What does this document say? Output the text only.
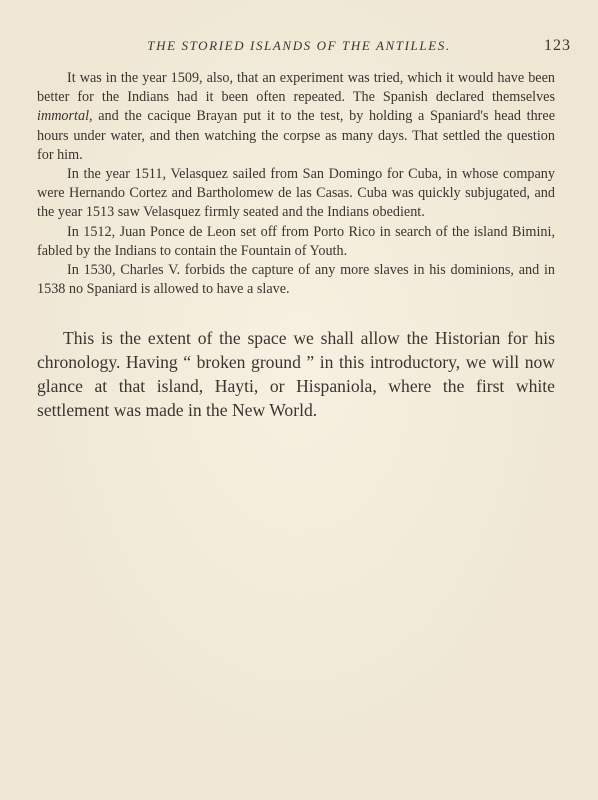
THE STORIED ISLANDS OF THE ANTILLES.	123

It was in the year 1509, also, that an experiment was tried, which it would have been better for the Indians had it been often repeated. The Spanish declared themselves immortal, and the cacique Brayan put it to the test, by holding a Spaniard's head three hours under water, and then watching the corpse as many days. That settled the question for him.

In the year 1511, Velasquez sailed from San Domingo for Cuba, in whose company were Hernando Cortez and Bartholomew de las Casas. Cuba was quickly subjugated, and the year 1513 saw Velasquez firmly seated and the Indians obedient.

In 1512, Juan Ponce de Leon set off from Porto Rico in search of the island Bimini, fabled by the Indians to contain the Fountain of Youth.

In 1530, Charles V. forbids the capture of any more slaves in his dominions, and in 1538 no Spaniard is allowed to have a slave.

This is the extent of the space we shall allow the Historian for his chronology. Having “ broken ground ” in this introductory, we will now glance at that island, Hayti, or Hispaniola, where the first white settlement was made in the New World.
